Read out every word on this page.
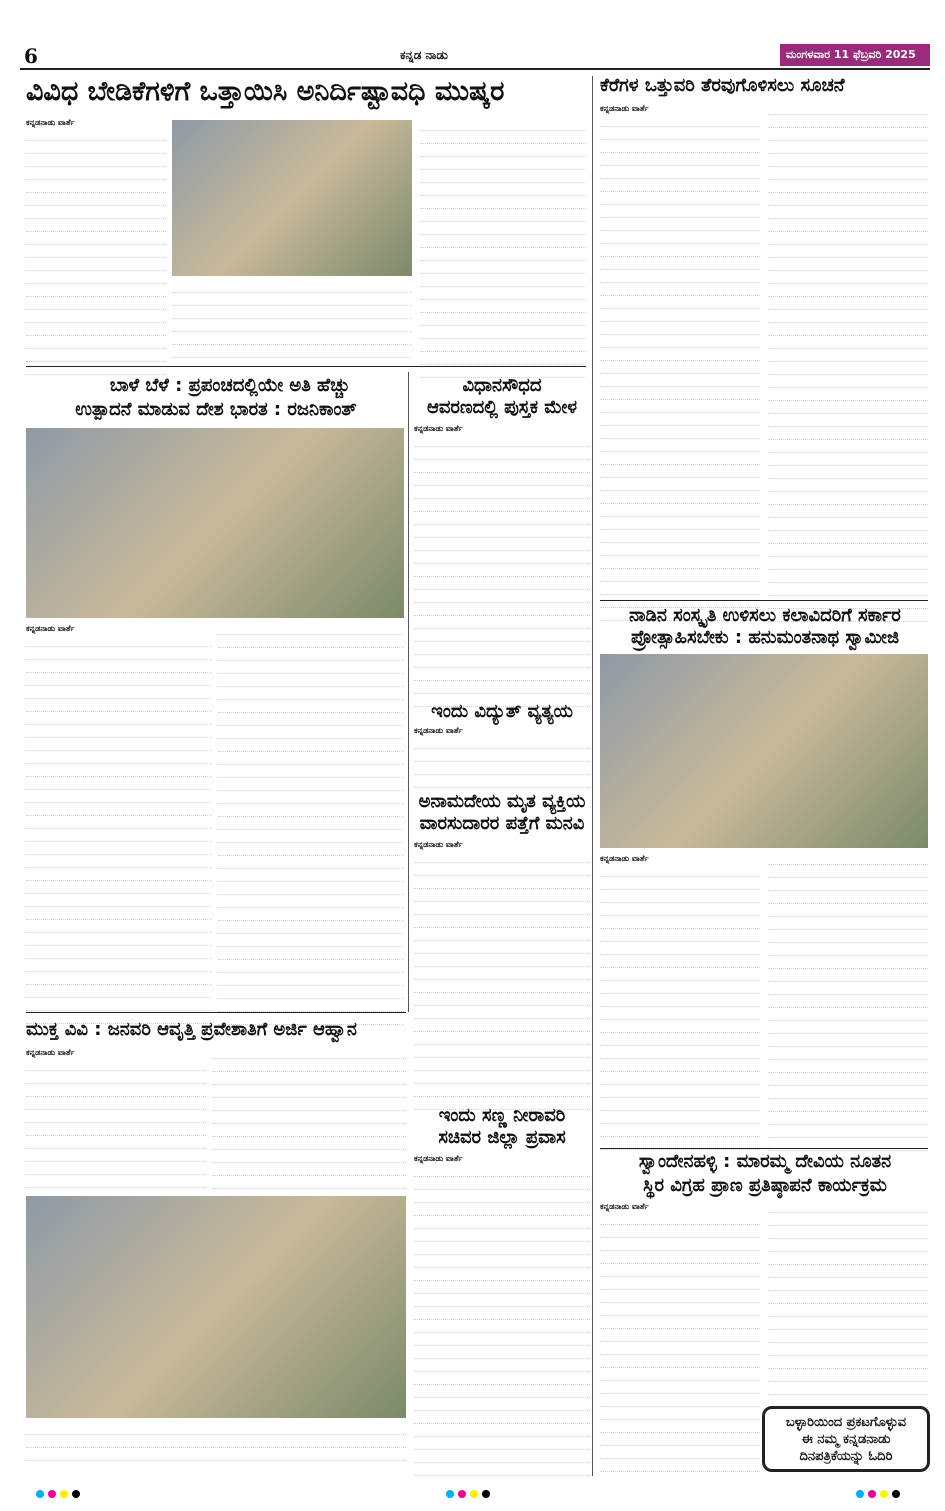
6	ಕನ್ನಡ ನಾಡು	ಮಂಗಳವಾರ 11 ಫೆಬ್ರವರಿ 2025
ವಿವಿಧ ಬೇಡಿಕೆಗಳಿಗೆ ಒತ್ತಾಯಿಸಿ ಅನಿರ್ದಿಷ್ಟಾವಧಿ ಮುಷ್ಕರ
ಕನ್ನಡನಾಡು ವಾರ್ತೆ
ಬಾಳೆ ಬೆಳೆ : ಪ್ರಪಂಚದಲ್ಲಿಯೇ ಅತಿ ಹೆಚ್ಚು
ಉತ್ಪಾದನೆ ಮಾಡುವ ದೇಶ ಭಾರತ : ರಜನಿಕಾಂತ್
ಕನ್ನಡನಾಡು ವಾರ್ತೆ
ವಿಧಾನಸೌಧದ
ಆವರಣದಲ್ಲಿ ಪುಸ್ತಕ ಮೇಳ
ಕನ್ನಡನಾಡು ವಾರ್ತೆ
ಇಂದು ವಿದ್ಯುತ್ ವ್ಯತ್ಯಯ
ಕನ್ನಡನಾಡು ವಾರ್ತೆ
ಅನಾಮದೇಯ ಮೃತ ವ್ಯಕ್ತಿಯ
ವಾರಸುದಾರರ ಪತ್ತೆಗೆ ಮನವಿ
ಕನ್ನಡನಾಡು ವಾರ್ತೆ
ಮುಕ್ತ ವಿವಿ : ಜನವರಿ ಆವೃತ್ತಿ ಪ್ರವೇಶಾತಿಗೆ ಅರ್ಜಿ ಆಹ್ವಾನ
ಕನ್ನಡನಾಡು ವಾರ್ತೆ
ಇಂದು ಸಣ್ಣ ನೀರಾವರಿ
ಸಚಿವರ ಜಿಲ್ಲಾ ಪ್ರವಾಸ
ಕನ್ನಡನಾಡು ವಾರ್ತೆ
ಕೆರೆಗಳ ಒತ್ತುವರಿ ತೆರವುಗೊಳಿಸಲು ಸೂಚನೆ
ಕನ್ನಡನಾಡು ವಾರ್ತೆ
ನಾಡಿನ ಸಂಸ್ಕೃತಿ ಉಳಿಸಲು ಕಲಾವಿದರಿಗೆ ಸರ್ಕಾರ
ಪ್ರೋತ್ಸಾಹಿಸಬೇಕು : ಹನುಮಂತನಾಥ ಸ್ವಾಮೀಜಿ
ಕನ್ನಡನಾಡು ವಾರ್ತೆ
ಸ್ವಾಂದೇನಹಳ್ಳಿ : ಮಾರಮ್ಮ ದೇವಿಯ ನೂತನ
ಸ್ಥಿರ ವಿಗ್ರಹ ಪ್ರಾಣ ಪ್ರತಿಷ್ಠಾಪನೆ ಕಾರ್ಯಕ್ರಮ
ಕನ್ನಡನಾಡು ವಾರ್ತೆ
ಬಳ್ಳಾರಿಯಿಂದ ಪ್ರಕಟಗೊಳ್ಳುವ
ಈ ನಮ್ಮ ಕನ್ನಡನಾಡು
ದಿನಪತ್ರಿಕೆಯನ್ನು ಓದಿರಿ
